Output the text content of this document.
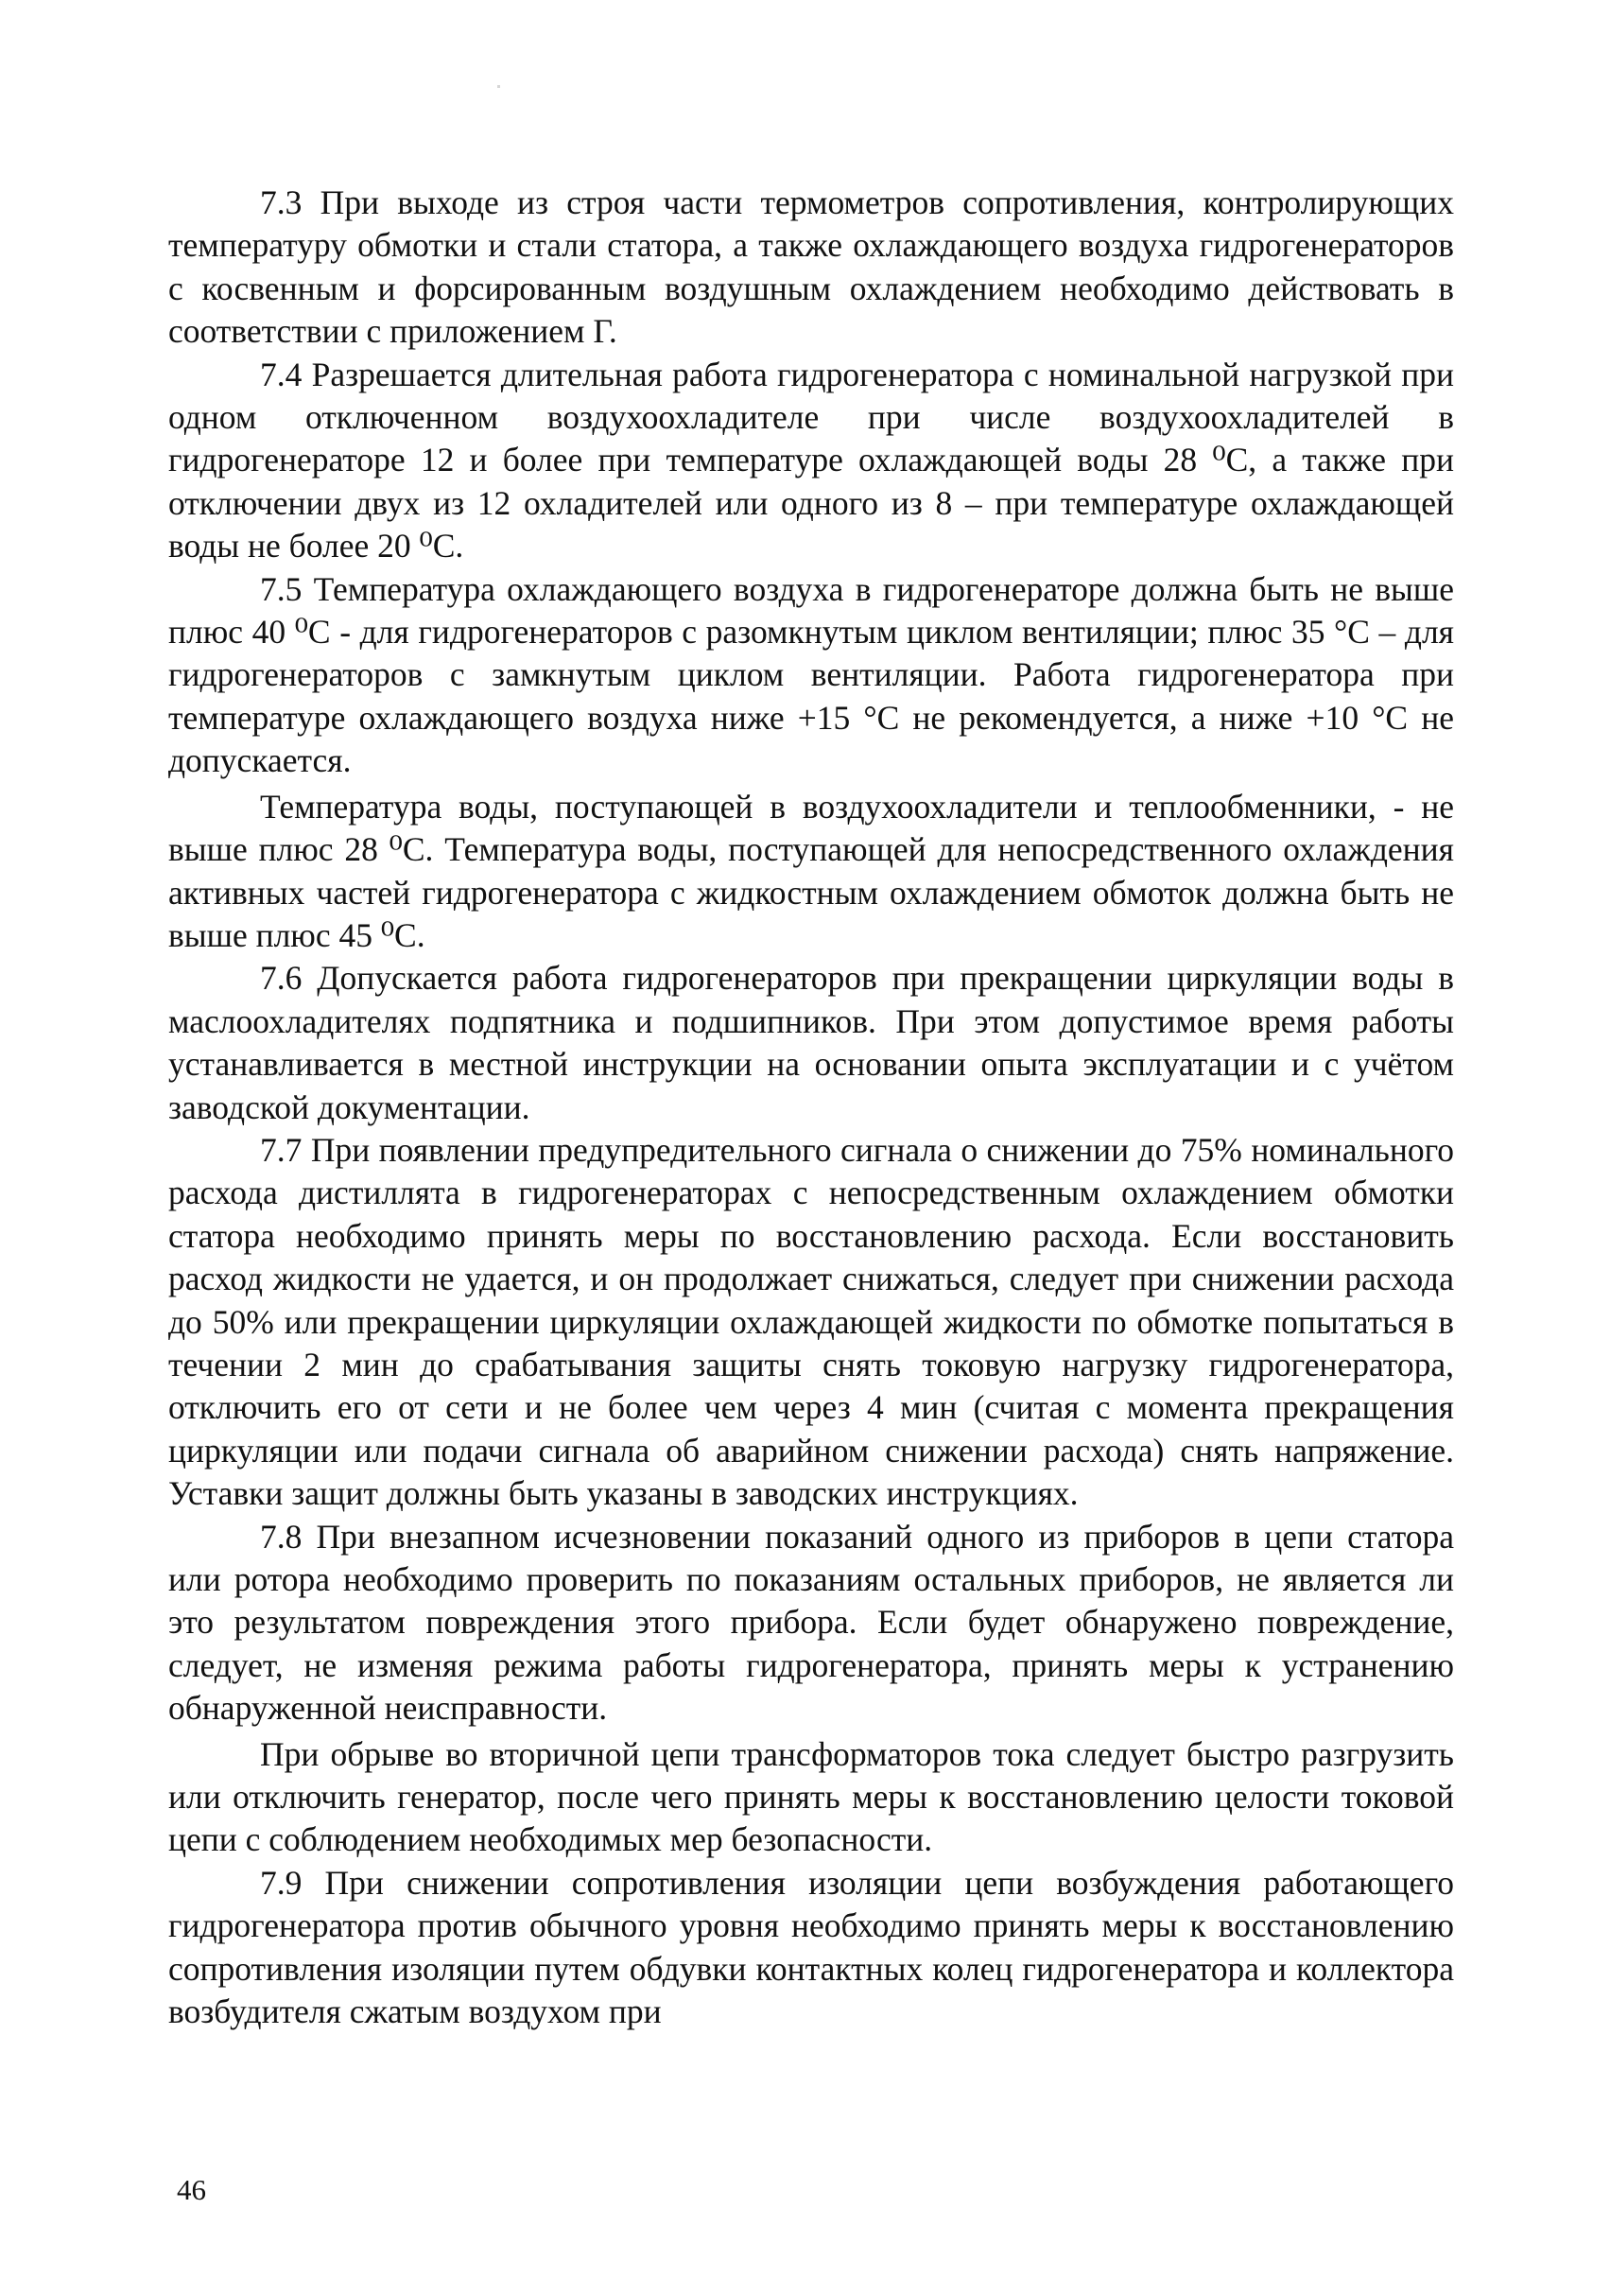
7.3 При выходе из строя части термометров сопротивления, контролирующих температуру обмотки и стали статора, а также охлаждающего воздуха гидрогенераторов с косвенным и форсированным воздушным охлаждением необходимо действовать в соответствии с приложением Г.

7.4 Разрешается длительная работа гидрогенератора с номинальной нагрузкой при одном отключенном воздухоохладителе при числе воздухоохладителей в гидрогенераторе 12 и более при температуре охлаждающей воды 28 ⁰С, а также при отключении двух из 12 охладителей или одного из 8 – при температуре охлаждающей воды не более 20 ⁰С.

7.5 Температура охлаждающего воздуха в гидрогенераторе должна быть не выше плюс 40 ⁰С - для гидрогенераторов с разомкнутым циклом вентиляции; плюс 35 °С – для гидрогенераторов с замкнутым циклом вентиляции. Работа гидрогенератора при температуре охлаждающего воздуха ниже +15 °С не рекомендуется, а ниже +10 °С не допускается.

Температура воды, поступающей в воздухоохладители и теплообменники, - не выше плюс 28 ⁰С. Температура воды, поступающей для непосредственного охлаждения активных частей гидрогенератора с жидкостным охлаждением обмоток должна быть не выше плюс 45 ⁰С.

7.6 Допускается работа гидрогенераторов при прекращении циркуляции воды в маслоохладителях подпятника и подшипников. При этом допустимое время работы устанавливается в местной инструкции на основании опыта эксплуатации и с учётом заводской документации.

7.7 При появлении предупредительного сигнала о снижении до 75% номинального расхода дистиллята в гидрогенераторах с непосредственным охлаждением обмотки статора необходимо принять меры по восстановлению расхода. Если восстановить расход жидкости не удается, и он продолжает снижаться, следует при снижении расхода до 50% или прекращении циркуляции охлаждающей жидкости по обмотке попытаться в течении 2 мин до срабатывания защиты снять токовую нагрузку гидрогенератора, отключить его от сети и не более чем через 4 мин (считая с момента прекращения циркуляции или подачи сигнала об аварийном снижении расхода) снять напряжение. Уставки защит должны быть указаны в заводских инструкциях.

7.8 При внезапном исчезновении показаний одного из приборов в цепи статора или ротора необходимо проверить по показаниям остальных приборов, не является ли это результатом повреждения этого прибора. Если будет обнаружено повреждение, следует, не изменяя режима работы гидрогенератора, принять меры к устранению обнаруженной неисправности.

При обрыве во вторичной цепи трансформаторов тока следует быстро разгрузить или отключить генератор, после чего принять меры к восстановлению целости токовой цепи с соблюдением необходимых мер безопасности.

7.9 При снижении сопротивления изоляции цепи возбуждения работающего гидрогенератора против обычного уровня необходимо принять меры к восстановлению сопротивления изоляции путем обдувки контактных колец гидрогенератора и коллектора возбудителя сжатым воздухом при

46
